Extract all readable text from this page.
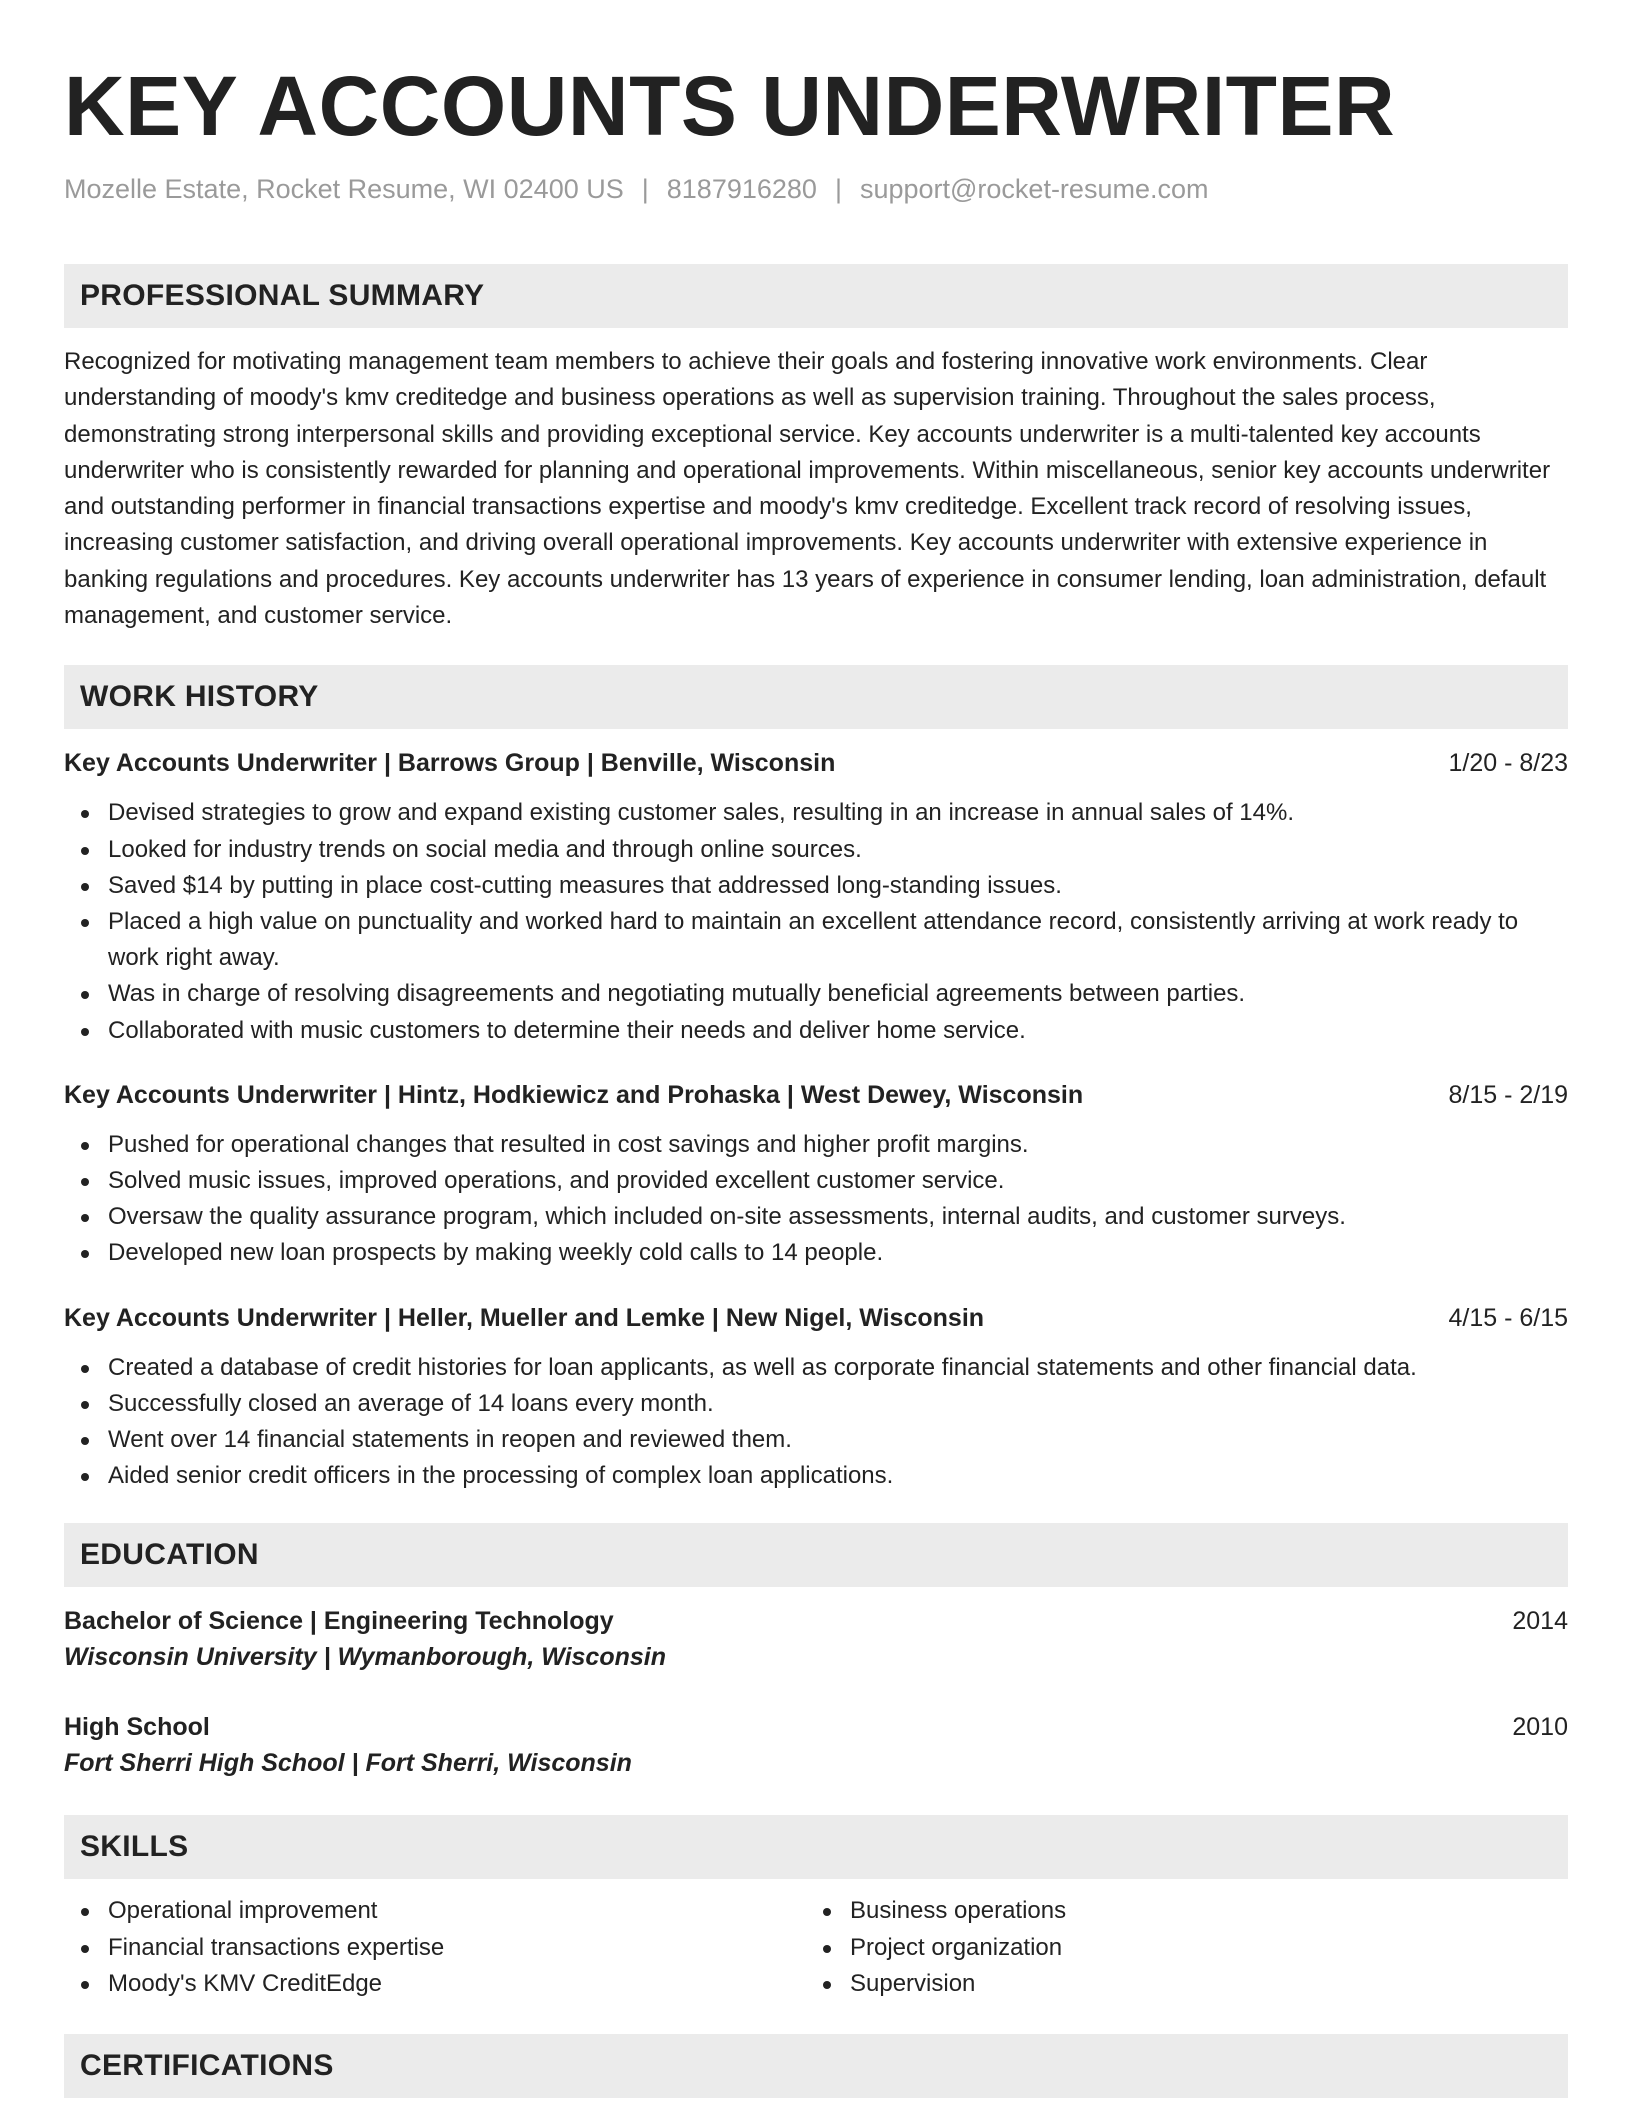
KEY ACCOUNTS UNDERWRITER
Mozelle Estate, Rocket Resume, WI 02400 US | 8187916280 | support@rocket-resume.com
PROFESSIONAL SUMMARY

Recognized for motivating management team members to achieve their goals and fostering innovative work environments. Clear understanding of moody's kmv creditedge and business operations as well as supervision training. Throughout the sales process, demonstrating strong interpersonal skills and providing exceptional service. Key accounts underwriter is a multi-talented key accounts underwriter who is consistently rewarded for planning and operational improvements. Within miscellaneous, senior key accounts underwriter and outstanding performer in financial transactions expertise and moody's kmv creditedge. Excellent track record of resolving issues, increasing customer satisfaction, and driving overall operational improvements. Key accounts underwriter with extensive experience in banking regulations and procedures. Key accounts underwriter has 13 years of experience in consumer lending, loan administration, default management, and customer service.

WORK HISTORY
Key Accounts Underwriter | Barrows Group | Benville, Wisconsin	1/20 - 8/23
Devised strategies to grow and expand existing customer sales, resulting in an increase in annual sales of 14%.
Looked for industry trends on social media and through online sources.
Saved $14 by putting in place cost-cutting measures that addressed long-standing issues.
Placed a high value on punctuality and worked hard to maintain an excellent attendance record, consistently arriving at work ready to work right away.
Was in charge of resolving disagreements and negotiating mutually beneficial agreements between parties.
Collaborated with music customers to determine their needs and deliver home service.
Key Accounts Underwriter | Hintz, Hodkiewicz and Prohaska | West Dewey, Wisconsin	8/15 - 2/19
Pushed for operational changes that resulted in cost savings and higher profit margins.
Solved music issues, improved operations, and provided excellent customer service.
Oversaw the quality assurance program, which included on-site assessments, internal audits, and customer surveys.
Developed new loan prospects by making weekly cold calls to 14 people.
Key Accounts Underwriter | Heller, Mueller and Lemke | New Nigel, Wisconsin	4/15 - 6/15
Created a database of credit histories for loan applicants, as well as corporate financial statements and other financial data.
Successfully closed an average of 14 loans every month.
Went over 14 financial statements in reopen and reviewed them.
Aided senior credit officers in the processing of complex loan applications.
EDUCATION
Bachelor of Science | Engineering Technology	2014
Wisconsin University | Wymanborough, Wisconsin
High School	2010
Fort Sherri High School | Fort Sherri, Wisconsin
SKILLS
Operational improvement
Financial transactions expertise
Moody's KMV CreditEdge
Business operations
Project organization
Supervision
CERTIFICATIONS
